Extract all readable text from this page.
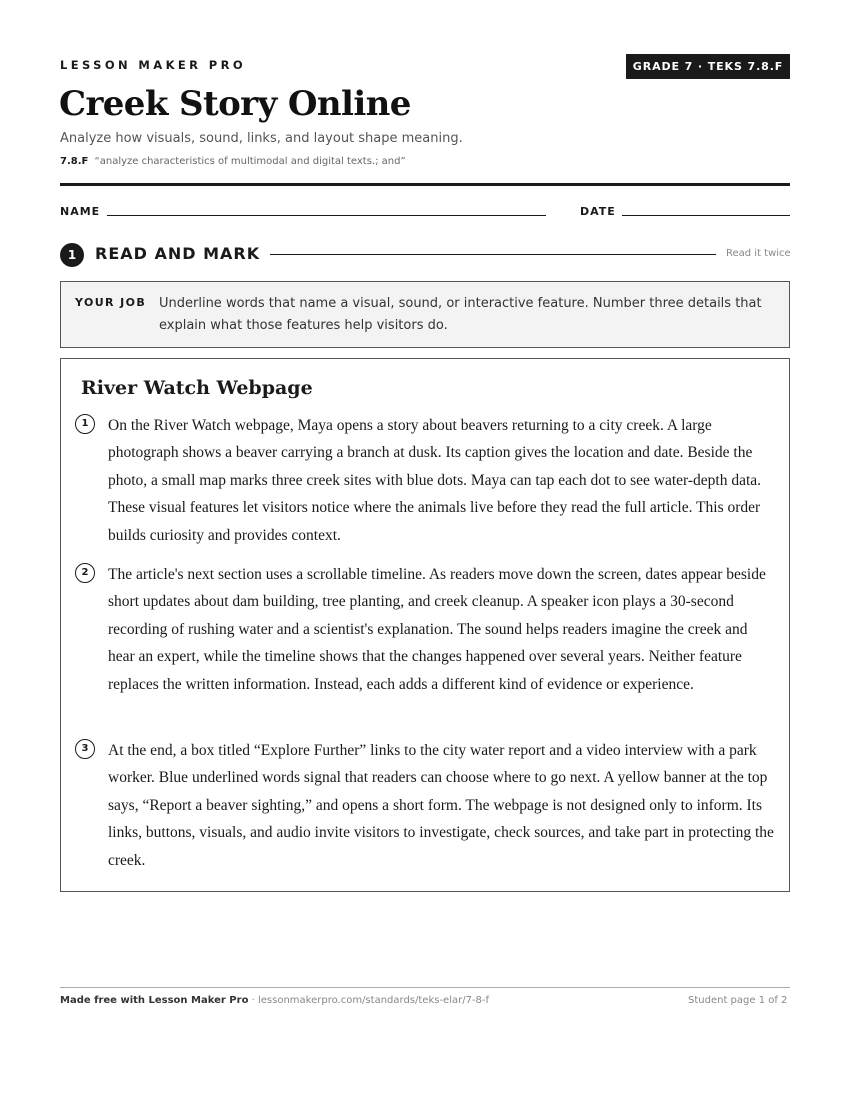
LESSON MAKER PRO	GRADE 7 · TEKS 7.8.F
Creek Story Online
Analyze how visuals, sound, links, and layout shape meaning.
7.8.F “analyze characteristics of multimodal and digital texts.; and”
NAME	DATE
1	READ AND MARK	Read it twice
YOUR JOB Underline words that name a visual, sound, or interactive feature. Number three details that explain what those features help visitors do.
River Watch Webpage
1	On the River Watch webpage, Maya opens a story about beavers returning to a city creek. A large photograph shows a beaver carrying a branch at dusk. Its caption gives the location and date. Beside the photo, a small map marks three creek sites with blue dots. Maya can tap each dot to see water-depth data. These visual features let visitors notice where the animals live before they read the full article. This order builds curiosity and provides context.
2	The article's next section uses a scrollable timeline. As readers move down the screen, dates appear beside short updates about dam building, tree planting, and creek cleanup. A speaker icon plays a 30-second recording of rushing water and a scientist's explanation. The sound helps readers imagine the creek and hear an expert, while the timeline shows that the changes happened over several years. Neither feature replaces the written information. Instead, each adds a different kind of evidence or experience.
3	At the end, a box titled “Explore Further” links to the city water report and a video interview with a park worker. Blue underlined words signal that readers can choose where to go next. A yellow banner at the top says, “Report a beaver sighting,” and opens a short form. The webpage is not designed only to inform. Its links, buttons, visuals, and audio invite visitors to investigate, check sources, and take part in protecting the creek.
Made free with Lesson Maker Pro · lessonmakerpro.com/standards/teks-elar/7-8-f	Student page 1 of 2
